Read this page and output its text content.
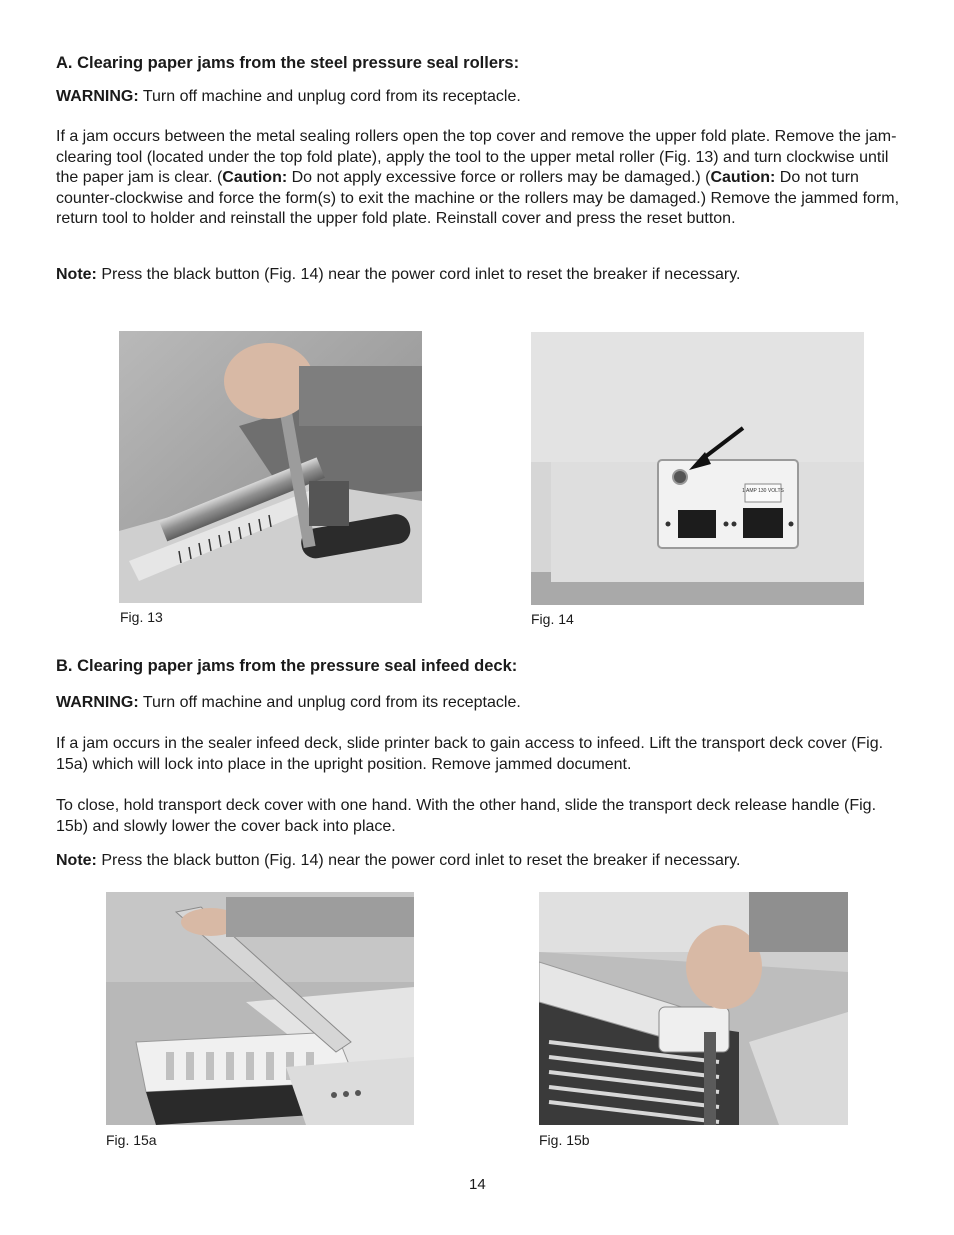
A. Clearing paper jams from the steel pressure seal rollers:
WARNING: Turn off machine and unplug cord from its receptacle.
If a jam occurs between the metal sealing rollers open the top cover and remove the upper fold plate. Remove the jam-clearing tool (located under the top fold plate), apply the tool to the upper metal roller (Fig. 13) and turn clockwise until the paper jam is clear. (Caution: Do not apply excessive force or rollers may be damaged.) (Caution: Do not turn counter-clockwise and force the form(s) to exit the machine or the rollers may be damaged.) Remove the jammed form, return tool to holder and reinstall the upper fold plate. Reinstall cover and press the reset button.
Note: Press the black button (Fig. 14) near the power cord inlet to reset the breaker if necessary.
Fig. 13
1 AMP 130 VOLTS
Fig. 14
B. Clearing paper jams from the pressure seal infeed deck:
WARNING: Turn off machine and unplug cord from its receptacle.
If a jam occurs in the sealer infeed deck, slide printer back to gain access to infeed. Lift the transport deck cover (Fig. 15a) which will lock into place in the upright position. Remove jammed document.
To close, hold transport deck cover with one hand. With the other hand, slide the transport deck release handle (Fig. 15b) and slowly lower the cover back into place.
Note: Press the black button (Fig. 14) near the power cord inlet to reset the breaker if necessary.
Fig. 15a	Fig. 15b
14
